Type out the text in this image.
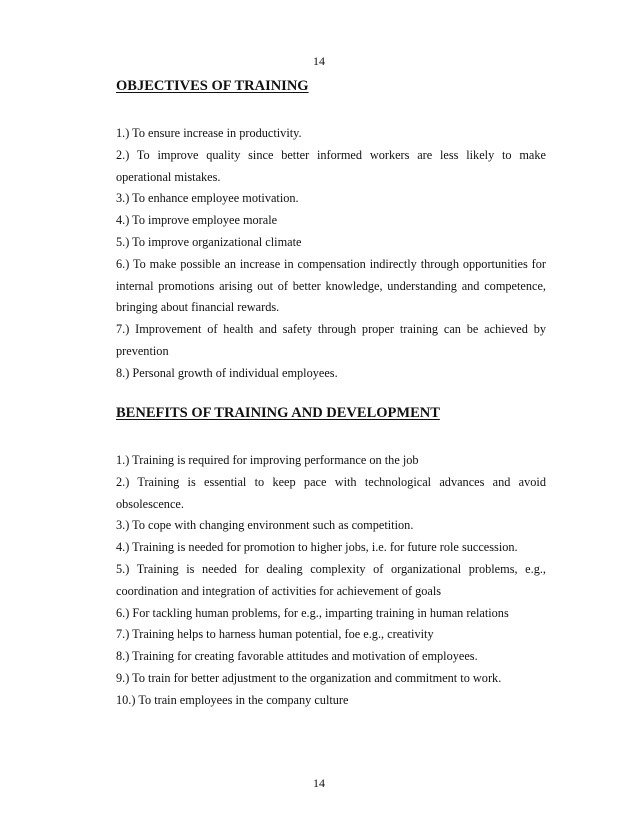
14
OBJECTIVES OF TRAINING
1.) To ensure increase in productivity.
2.) To improve quality since better informed workers are less likely to make operational mistakes.
3.) To enhance employee motivation.
4.) To improve employee morale
5.) To improve organizational climate
6.) To make possible an increase in compensation indirectly through opportunities for internal promotions arising out of better knowledge, understanding and competence, bringing about financial rewards.
7.) Improvement of health and safety through proper training can be achieved by prevention
8.) Personal growth of individual employees.
BENEFITS OF TRAINING AND DEVELOPMENT
1.) Training is required for improving performance on the job
2.) Training is essential to keep pace with technological advances and avoid obsolescence.
3.) To cope with changing environment such as competition.
4.) Training is needed for promotion to higher jobs, i.e. for future role succession.
5.) Training is needed for dealing complexity of organizational problems, e.g., coordination and integration of activities for achievement of goals
6.) For tackling human problems, for e.g., imparting training in human relations
7.) Training helps to harness human potential, foe e.g., creativity
8.) Training for creating favorable attitudes and motivation of employees.
9.) To train for better adjustment to the organization and commitment to work.
10.) To train employees in the company culture
14
